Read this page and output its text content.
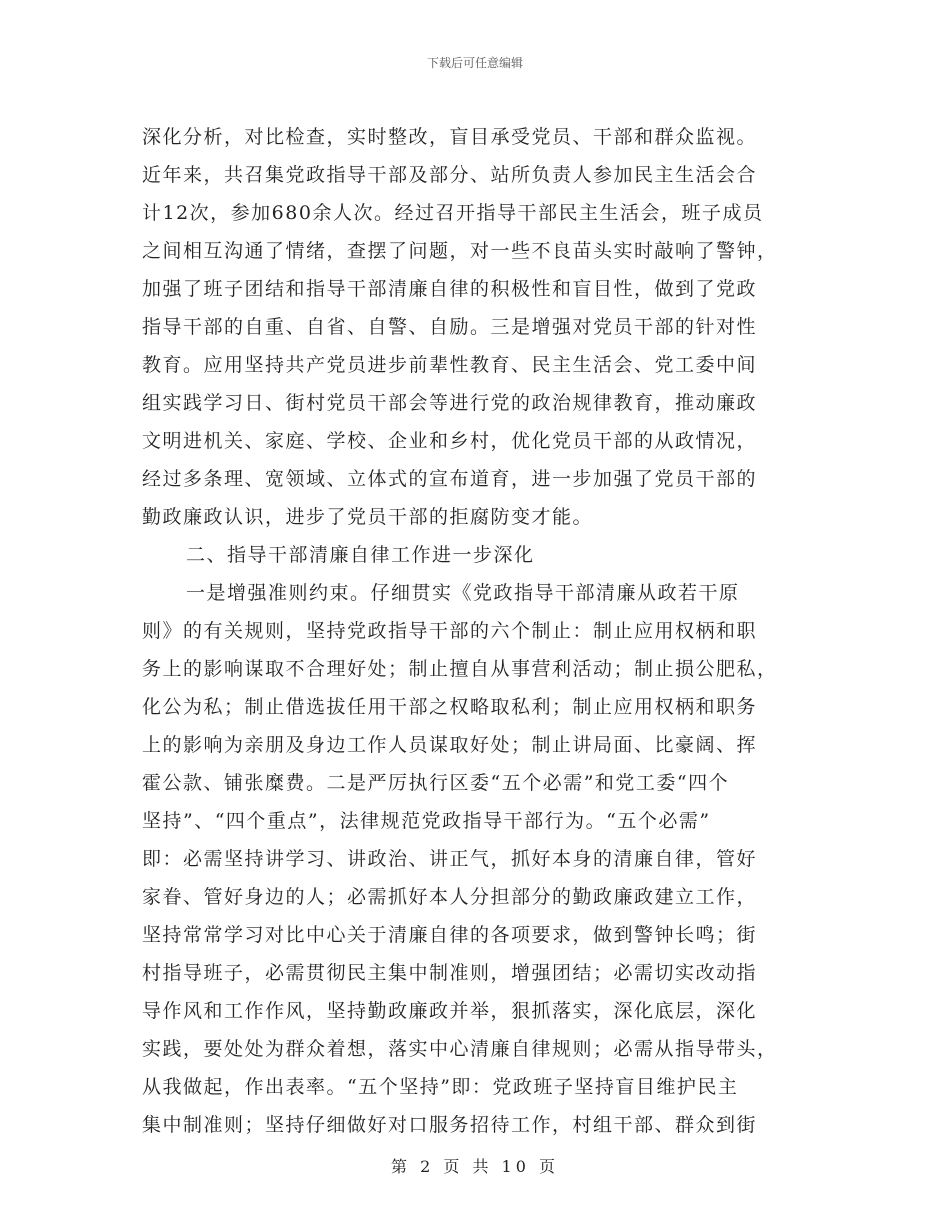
下载后可任意编辑
深化分析，对比检查，实时整改，盲目承受党员、干部和群众监视。
近年来，共召集党政指导干部及部分、站所负责人参加民主生活会合
计12次，参加680余人次。经过召开指导干部民主生活会，班子成员
之间相互沟通了情绪，查摆了问题，对一些不良苗头实时敲响了警钟，
加强了班子团结和指导干部清廉自律的积极性和盲目性，做到了党政
指导干部的自重、自省、自警、自励。三是增强对党员干部的针对性
教育。应用坚持共产党员进步前辈性教育、民主生活会、党工委中间
组实践学习日、街村党员干部会等进行党的政治规律教育，推动廉政
文明进机关、家庭、学校、企业和乡村，优化党员干部的从政情况，
经过多条理、宽领域、立体式的宣布道育，进一步加强了党员干部的
勤政廉政认识，进步了党员干部的拒腐防变才能。
二、指导干部清廉自律工作进一步深化
一是增强准则约束。仔细贯实《党政指导干部清廉从政若干原
则》的有关规则，坚持党政指导干部的六个制止：制止应用权柄和职
务上的影响谋取不合理好处；制止擅自从事营利活动；制止损公肥私，
化公为私；制止借选拔任用干部之权略取私利；制止应用权柄和职务
上的影响为亲朋及身边工作人员谋取好处；制止讲局面、比豪阔、挥
霍公款、铺张糜费。二是严厉执行区委“五个必需”和党工委“四个
坚持”、“四个重点”，法律规范党政指导干部行为。“五个必需”
即：必需坚持讲学习、讲政治、讲正气，抓好本身的清廉自律，管好
家眷、管好身边的人；必需抓好本人分担部分的勤政廉政建立工作，
坚持常常学习对比中心关于清廉自律的各项要求，做到警钟长鸣；街
村指导班子，必需贯彻民主集中制准则，增强团结；必需切实改动指
导作风和工作作风，坚持勤政廉政并举，狠抓落实，深化底层，深化
实践，要处处为群众着想，落实中心清廉自律规则；必需从指导带头，
从我做起，作出表率。“五个坚持”即：党政班子坚持盲目维护民主
集中制准则；坚持仔细做好对口服务招待工作，村组干部、群众到街
第 2 页 共 10 页
